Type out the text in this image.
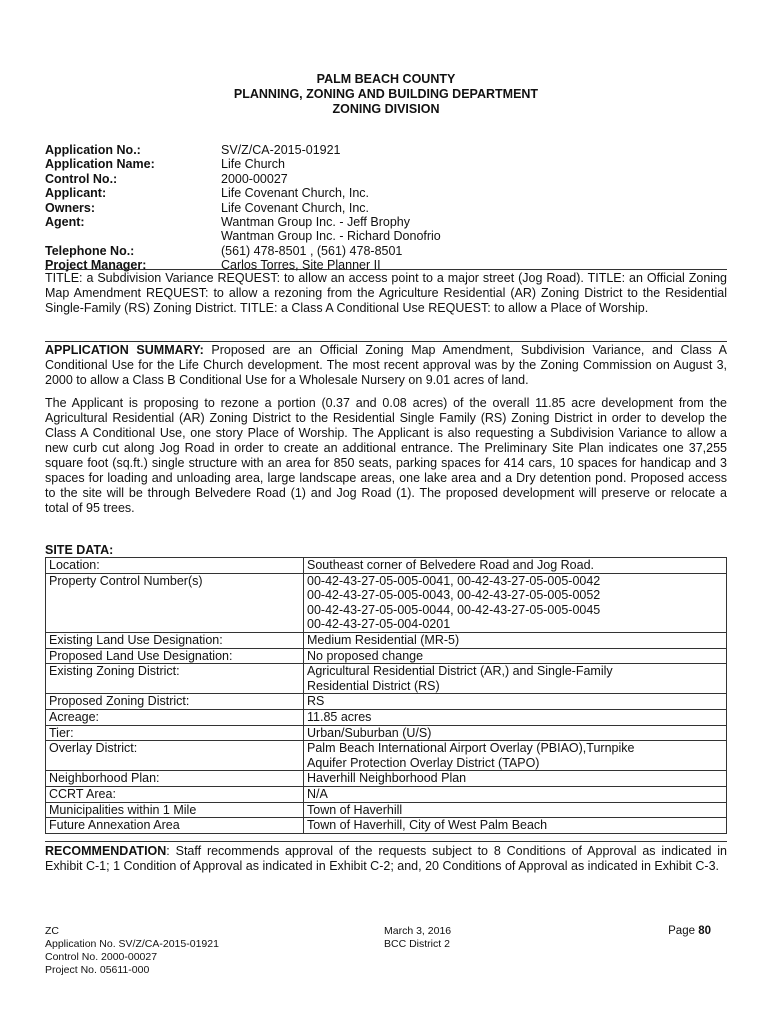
PALM BEACH COUNTY
PLANNING, ZONING AND BUILDING DEPARTMENT
ZONING DIVISION
Application No.:	SV/Z/CA-2015-01921
Application Name:	Life Church
Control No.:	2000-00027
Applicant:	Life Covenant Church, Inc.
Owners:	Life Covenant Church, Inc.
Agent:	Wantman Group Inc. - Jeff Brophy
Wantman Group Inc. - Richard Donofrio
Telephone No.:	(561) 478-8501 , (561) 478-8501
Project Manager:	Carlos Torres, Site Planner II
TITLE: a Subdivision Variance REQUEST: to allow an access point to a major street (Jog Road). TITLE: an Official Zoning Map Amendment REQUEST: to allow a rezoning from the Agriculture Residential (AR) Zoning District to the Residential Single-Family (RS) Zoning District. TITLE: a Class A Conditional Use REQUEST: to allow a Place of Worship.

APPLICATION SUMMARY: Proposed are an Official Zoning Map Amendment, Subdivision Variance, and Class A Conditional Use for the Life Church development. The most recent approval was by the Zoning Commission on August 3, 2000 to allow a Class B Conditional Use for a Wholesale Nursery on 9.01 acres of land.

The Applicant is proposing to rezone a portion (0.37 and 0.08 acres) of the overall 11.85 acre development from the Agricultural Residential (AR) Zoning District to the Residential Single Family (RS) Zoning District in order to develop the Class A Conditional Use, one story Place of Worship. The Applicant is also requesting a Subdivision Variance to allow a new curb cut along Jog Road in order to create an additional entrance. The Preliminary Site Plan indicates one 37,255 square foot (sq.ft.) single structure with an area for 850 seats, parking spaces for 414 cars, 10 spaces for handicap and 3 spaces for loading and unloading area, large landscape areas, one lake area and a Dry detention pond. Proposed access to the site will be through Belvedere Road (1) and Jog Road (1). The proposed development will preserve or relocate a total of 95 trees.

SITE DATA:
Location:	Southeast corner of Belvedere Road and Jog Road.
Property Control Number(s)	00-42-43-27-05-005-0041, 00-42-43-27-05-005-0042
00-42-43-27-05-005-0043, 00-42-43-27-05-005-0052
00-42-43-27-05-005-0044, 00-42-43-27-05-005-0045
00-42-43-27-05-004-0201
Existing Land Use Designation:	Medium Residential (MR-5)
Proposed Land Use Designation:	No proposed change
Existing Zoning District:	Agricultural Residential District (AR,) and Single-Family
Residential District (RS)
Proposed Zoning District:	RS
Acreage:	11.85 acres
Tier:	Urban/Suburban (U/S)
Overlay District:	Palm Beach International Airport Overlay (PBIAO),Turnpike
Aquifer Protection Overlay District (TAPO)
Neighborhood Plan:	Haverhill Neighborhood Plan
CCRT Area:	N/A
Municipalities within 1 Mile	Town of Haverhill
Future Annexation Area	Town of Haverhill, City of West Palm Beach
RECOMMENDATION: Staff recommends approval of the requests subject to 8 Conditions of Approval as indicated in Exhibit C-1; 1 Condition of Approval as indicated in Exhibit C-2; and, 20 Conditions of Approval as indicated in Exhibit C-3.
ZC
Application No. SV/Z/CA-2015-01921
Control No. 2000-00027
Project No. 05611-000
March 3, 2016
BCC District 2
Page 80
